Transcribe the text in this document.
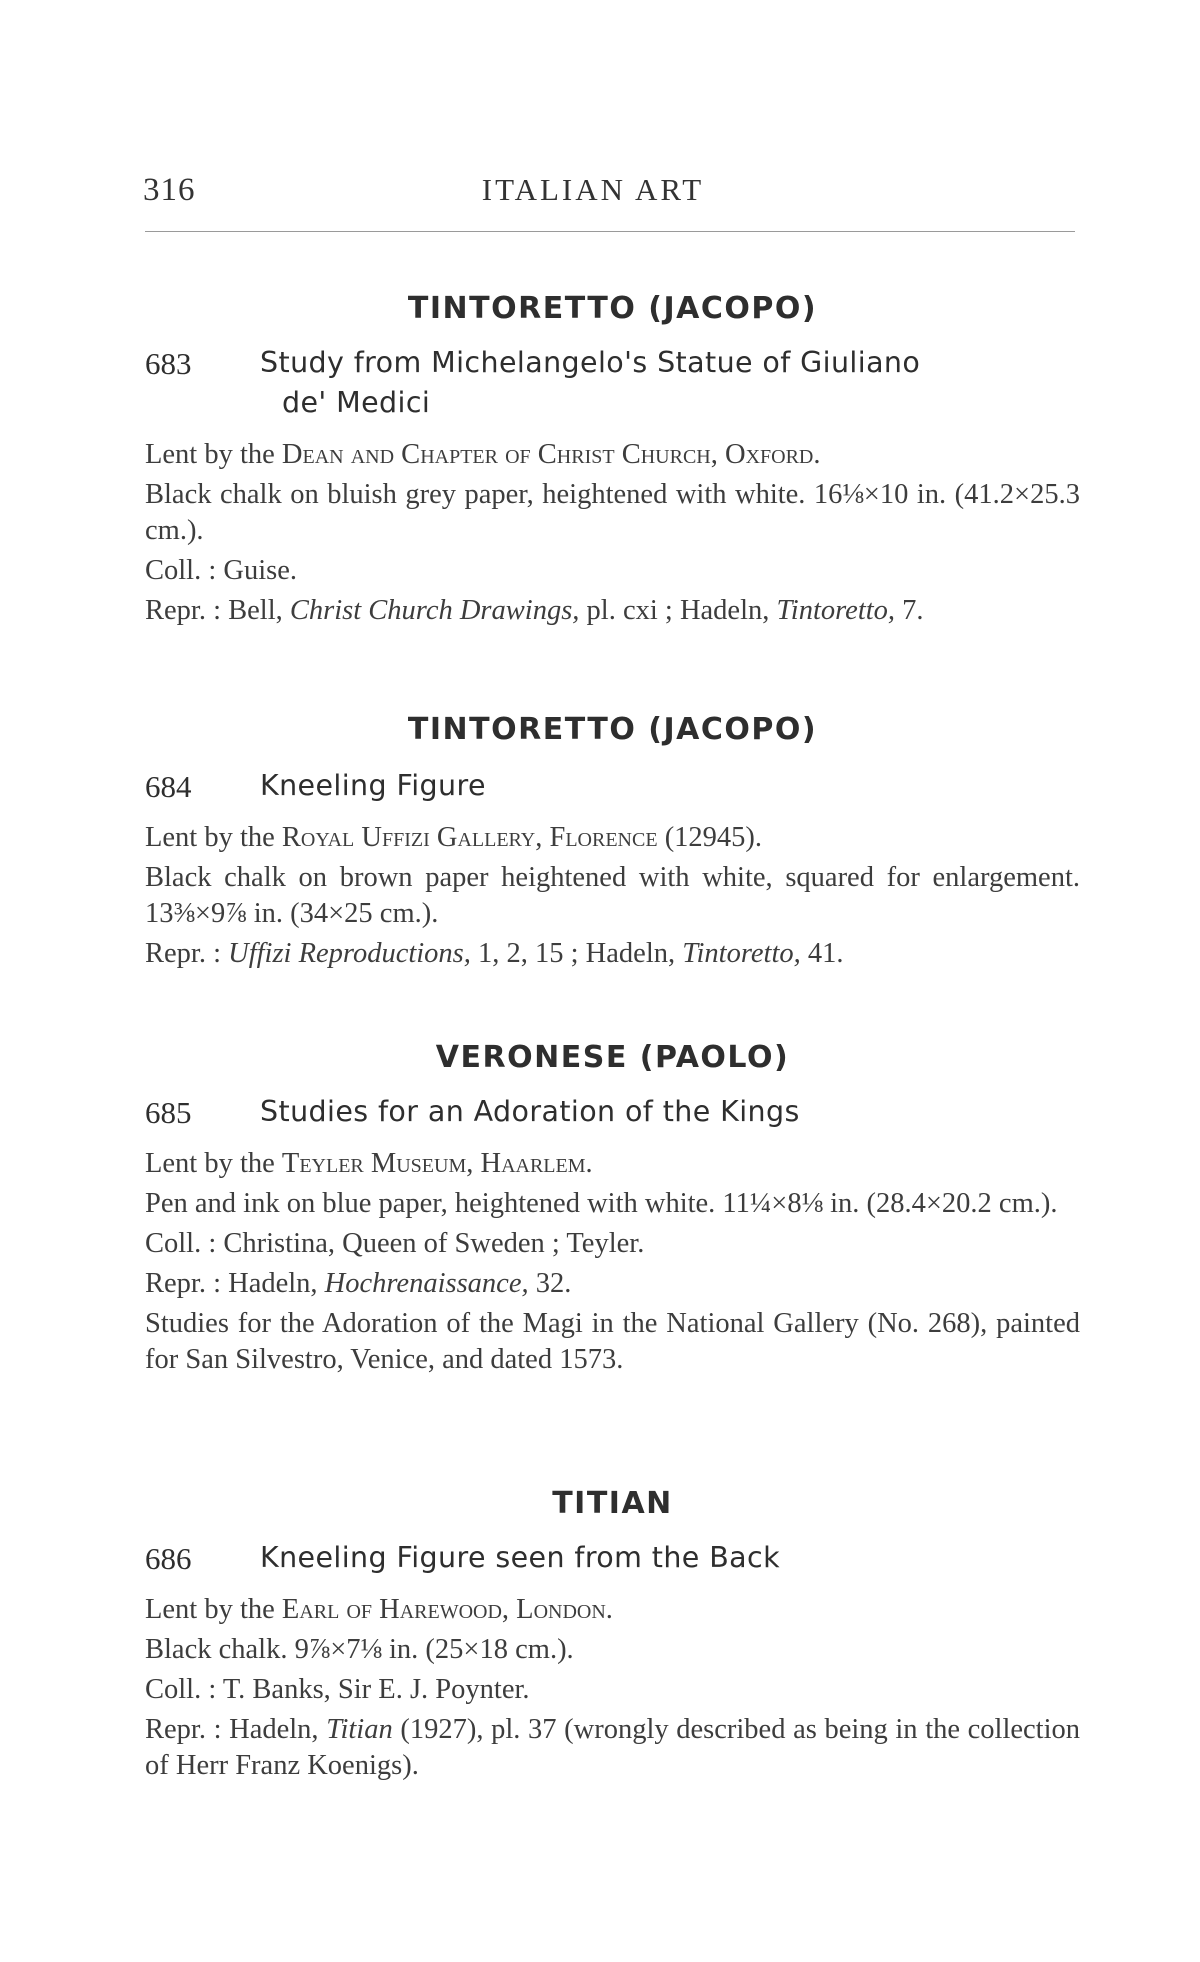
316	ITALIAN ART
TINTORETTO (JACOPO)
683	Study from Michelangelo's Statue of Giuliano
de' Medici

Lent by the Dean and Chapter of Christ Church, Oxford.

Black chalk on bluish grey paper, heightened with white. 16⅛×10 in. (41.2×25.3 cm.).

Coll. : Guise.

Repr. : Bell, Christ Church Drawings, pl. cxi ; Hadeln, Tintoretto, 7.

TINTORETTO (JACOPO)
684	Kneeling Figure

Lent by the Royal Uffizi Gallery, Florence (12945).

Black chalk on brown paper heightened with white, squared for enlargement. 13⅜×9⅞ in. (34×25 cm.).

Repr. : Uffizi Reproductions, 1, 2, 15 ; Hadeln, Tintoretto, 41.

VERONESE (PAOLO)
685	Studies for an Adoration of the Kings

Lent by the Teyler Museum, Haarlem.

Pen and ink on blue paper, heightened with white. 11¼×8⅛ in. (28.4×20.2 cm.).

Coll. : Christina, Queen of Sweden ; Teyler.

Repr. : Hadeln, Hochrenaissance, 32.

Studies for the Adoration of the Magi in the National Gallery (No. 268), painted for San Silvestro, Venice, and dated 1573.

TITIAN
686	Kneeling Figure seen from the Back

Lent by the Earl of Harewood, London.

Black chalk. 9⅞×7⅛ in. (25×18 cm.).

Coll. : T. Banks, Sir E. J. Poynter.

Repr. : Hadeln, Titian (1927), pl. 37 (wrongly described as being in the collection of Herr Franz Koenigs).
